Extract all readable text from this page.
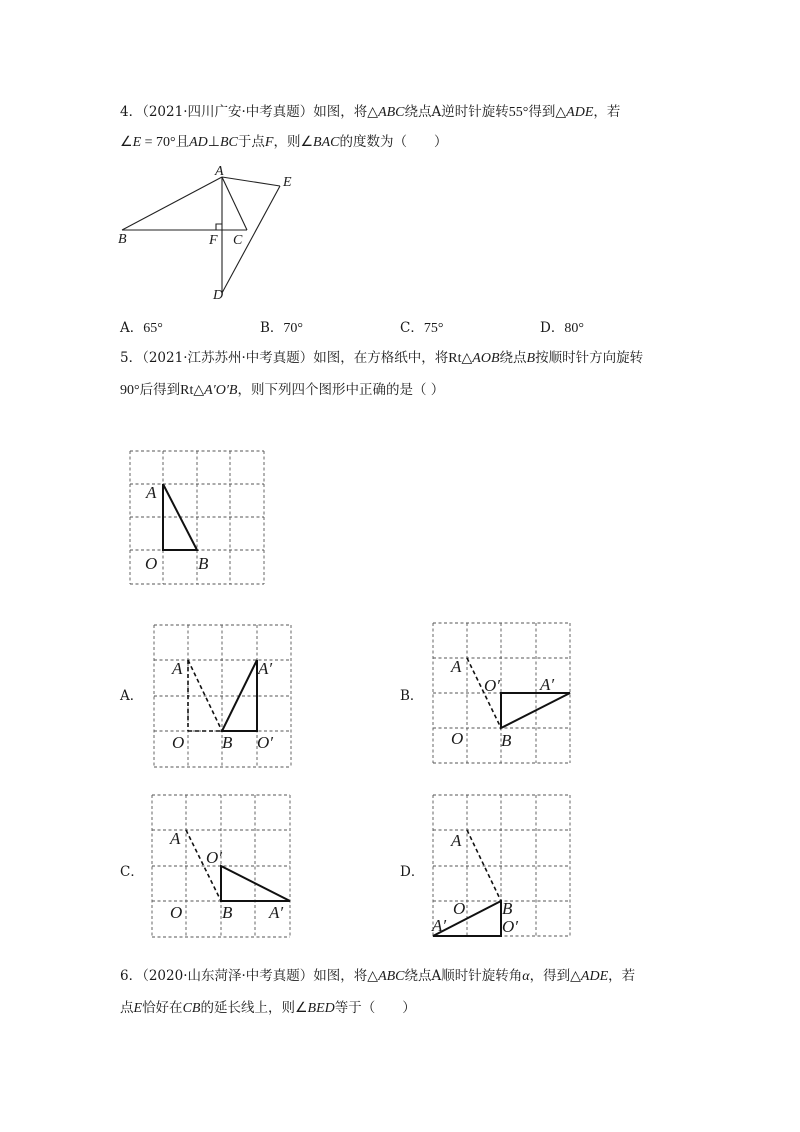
4．（2021·四川广安·中考真题）如图，将△ABC绕点A逆时针旋转55°得到△ADE，若
∠E = 70°且AD⊥BC于点F，则∠BAC的度数为（　　）
A
E
B	F C
D
A．65°	B．70°	C．75°	D．80°
5．（2021·江苏苏州·中考真题）如图，在方格纸中，将Rt△AOB绕点B按顺时针方向旋转
90°后得到Rt△A′O′B，则下列四个图形中正确的是（ ）
A
O B
A．
A
O B
A′
O′
B．
A
O′ A′
O B
C．
A
O′
O B A′
D．
A
O B
A′	O′
6．（2020·山东菏泽·中考真题）如图，将△ABC绕点A顺时针旋转角α，得到△ADE，若
点E恰好在CB的延长线上，则∠BED等于（　　）
